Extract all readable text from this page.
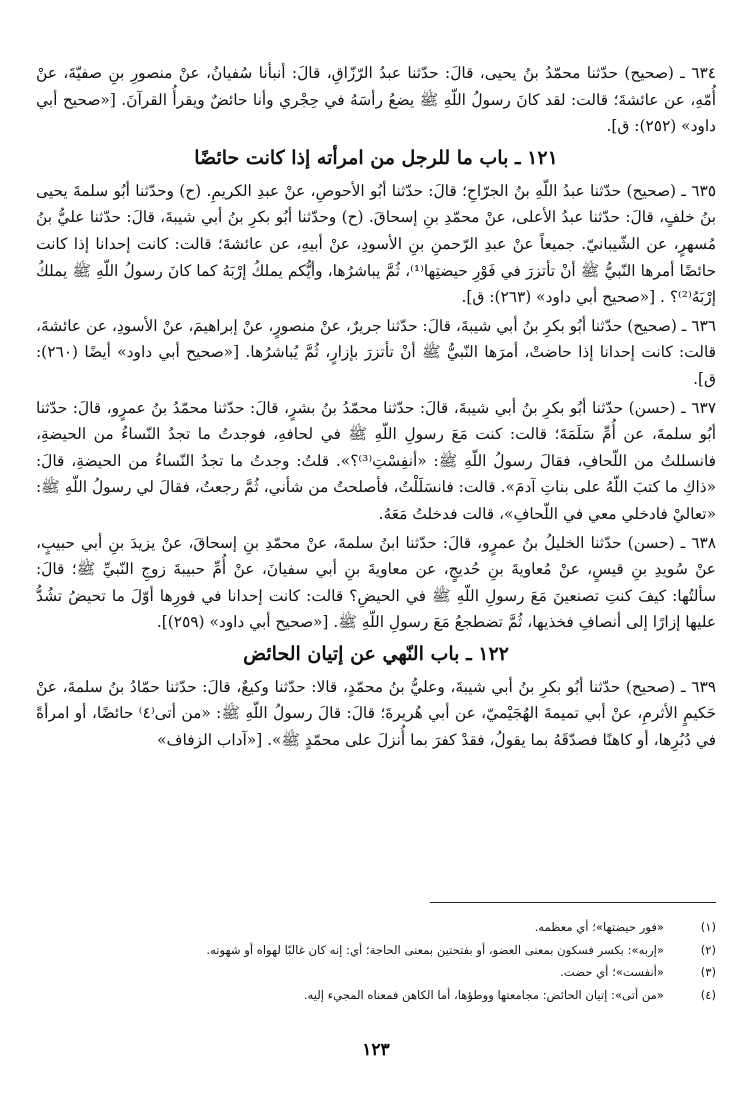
٦٣٤ ـ (صحيح) حدّثنا محمّدُ بنُ يحيى، قالَ: حدّثنا عبدُ الرّزّاقِ، قالَ: أنبأنا سُفيانُ، عنْ منصورِ بنِ صفيّةَ، عنْ أُمّهِ، عن عائشةَ؛ قالت: لقد كانَ رسولُ اللّهِ ﷺ يضعُ رأسَهُ في حِجْري وأنا حائضٌ ويقرأُ القرآنَ. [«صحيح أبي داود» (٢٥٢): ق].

١٢١ ـ باب ما للرجل من امرأته إذا كانت حائضًا

٦٣٥ ـ (صحيح) حدّثنا عبدُ اللّهِ بنُ الجرّاحِ؛ قالَ: حدّثنا أبُو الأحوصِ، عنْ عبدِ الكريمِ. (ح) وحدّثنا أبُو سلمةَ يحيى بنُ خلفٍ، قالَ: حدّثنا عبدُ الأعلى، عنْ محمّدِ بنِ إسحاقَ. (ح) وحدّثنا أبُو بكرِ بنُ أبي شيبةَ، قالَ: حدّثنا عليُّ بنُ مُسهرٍ، عن الشّيبانيّ. جميعاً عنْ عبدِ الرّحمنِ بنِ الأسودِ، عنْ أبيهِ، عن عائشةَ؛ قالت: كانت إحدانا إذا كانت حائضًا أمرها النّبيُّ ﷺ أنْ تأتزرَ في فَوْرِ حيضتِها⁽¹⁾، ثُمَّ يباشرُها، وأيُّكم يملكُ إرْبَهُ كما كانَ رسولُ اللّهِ ﷺ يملكُ إرْبَهُ⁽²⁾؟ . [«صحيح أبي داود» (٢٦٣): ق].

٦٣٦ ـ (صحيح) حدّثنا أبُو بكرِ بنُ أبي شيبةَ، قالَ: حدّثنا جريرٌ، عنْ منصورٍ، عنْ إبراهيمَ، عنْ الأسودِ، عن عائشةَ، قالت: كانت إحدانا إذا حاضتْ، أمرَها النّبيُّ ﷺ أنْ تأتزرَ بإزارٍ، ثُمَّ يُباشرُها. [«صحيح أبي داود» أيضًا (٢٦٠): ق].

٦٣٧ ـ (حسن) حدّثنا أبُو بكرِ بنُ أبي شيبةَ، قالَ: حدّثنا محمّدُ بنُ بشرٍ، قالَ: حدّثنا محمّدُ بنُ عمرٍو، قالَ: حدّثنا أبُو سلمةَ، عن أُمِّ سَلَمَةَ؛ قالت: كنت مَعَ رسولِ اللّهِ ﷺ في لحافهِ، فوجدتُ ما تجدُ النّساءُ من الحيضةِ، فانسللتُ من اللّحافِ، فقالَ رسولُ اللّهِ ﷺ: «أنفِسْتِ⁽³⁾؟». قلتُ: وجدتُ ما تجدُ النّساءُ من الحيضةِ، قالَ: «ذاكِ ما كتبَ اللّهُ على بناتِ آدمَ». قالت: فانسَلَلْتُ، فأصلحتُ من شأني، ثُمَّ رجعتُ، فقالَ لي رسولُ اللّهِ ﷺ: «تعاليْ فادخلي معي في اللّحافِ»، قالت فدخلتُ مَعَهُ.

٦٣٨ ـ (حسن) حدّثنا الخليلُ بنُ عمرٍو، قالَ: حدّثنا ابنُ سلمةَ، عنْ محمّدِ بنِ إسحاقَ، عنْ يزيدَ بنِ أبي حبيبٍ، عنْ سُويدِ بنِ قيسٍ، عنْ مُعاويةَ بنِ حُديجٍ، عن معاويةَ بنِ أبي سفيانَ، عنْ أُمِّ حبيبةَ زوجِ النّبيِّ ﷺ؛ قالَ: سألتُها: كيفَ كنتِ تصنعينَ مَعَ رسولِ اللّهِ ﷺ في الحيضِ؟ قالت: كانت إحدانا في فورِها أوّلَ ما تحيضُ تشُدُّ عليها إزارًا إلى أنصافِ فخذيها، ثُمَّ تضطجعُ مَعَ رسولِ اللّهِ ﷺ. [«صحيح أبي داود» (٢٥٩)].

١٢٢ ـ باب النّهي عن إتيان الحائض

٦٣٩ ـ (صحيح) حدّثنا أبُو بكرِ بنُ أبي شيبةَ، وعليُّ بنُ محمّدٍ، قالا: حدّثنا وكيعٌ، قالَ: حدّثنا حمّادُ بنُ سلمةَ، عنْ حَكيمٍ الأثرمِ، عنْ أبي تميمةَ الهُجَيْميّ، عن أبي هُريرةَ؛ قالَ: قالَ رسولُ اللّهِ ﷺ: «من أتى⁽٤⁾ حائضًا، أو امرأةً في دُبُرِها، أو كاهنًا فصدّقَهُ بما يقولُ، فقدْ كفرَ بما أُنزلَ على محمّدٍ ﷺ». [«آداب الزفاف»

(١)
«فور حيضتها»؛ أي معظمه.
(٢)
«إربه»: بكسر فسكون بمعنى العضو، أو بفتحتين بمعنى الحاجة؛ أي: إنه كان غالبًا لهواه أو شهوته.
(٣)
«أنفست»؛ أي حضت.
(٤)
«من أتى»: إتيان الحائض: مجامعتها ووطؤها، أما الكاهن فمعناه المجيء إليه.
١٢٣
